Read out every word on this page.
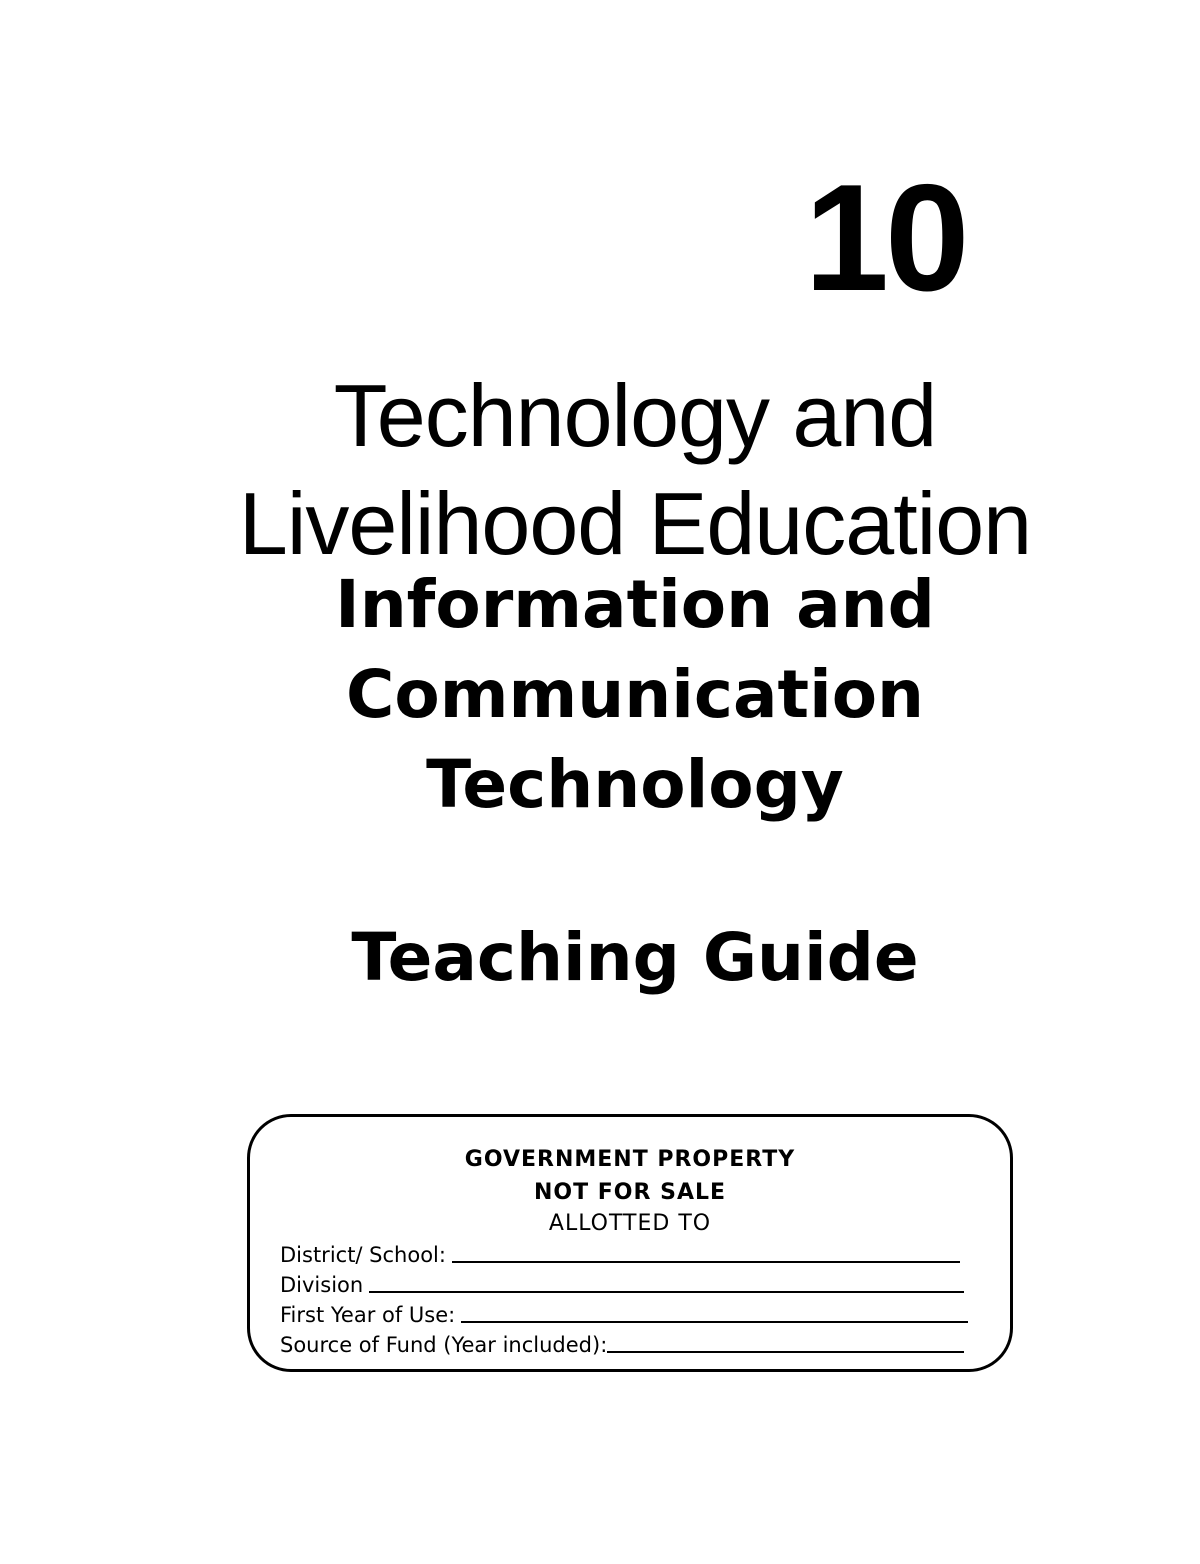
10
Technology and
Livelihood Education
Information and
Communication
Technology
Teaching Guide
GOVERNMENT PROPERTY
NOT FOR SALE
ALLOTTED TO
District/ School:
Division
First Year of Use:
Source of Fund (Year included):
